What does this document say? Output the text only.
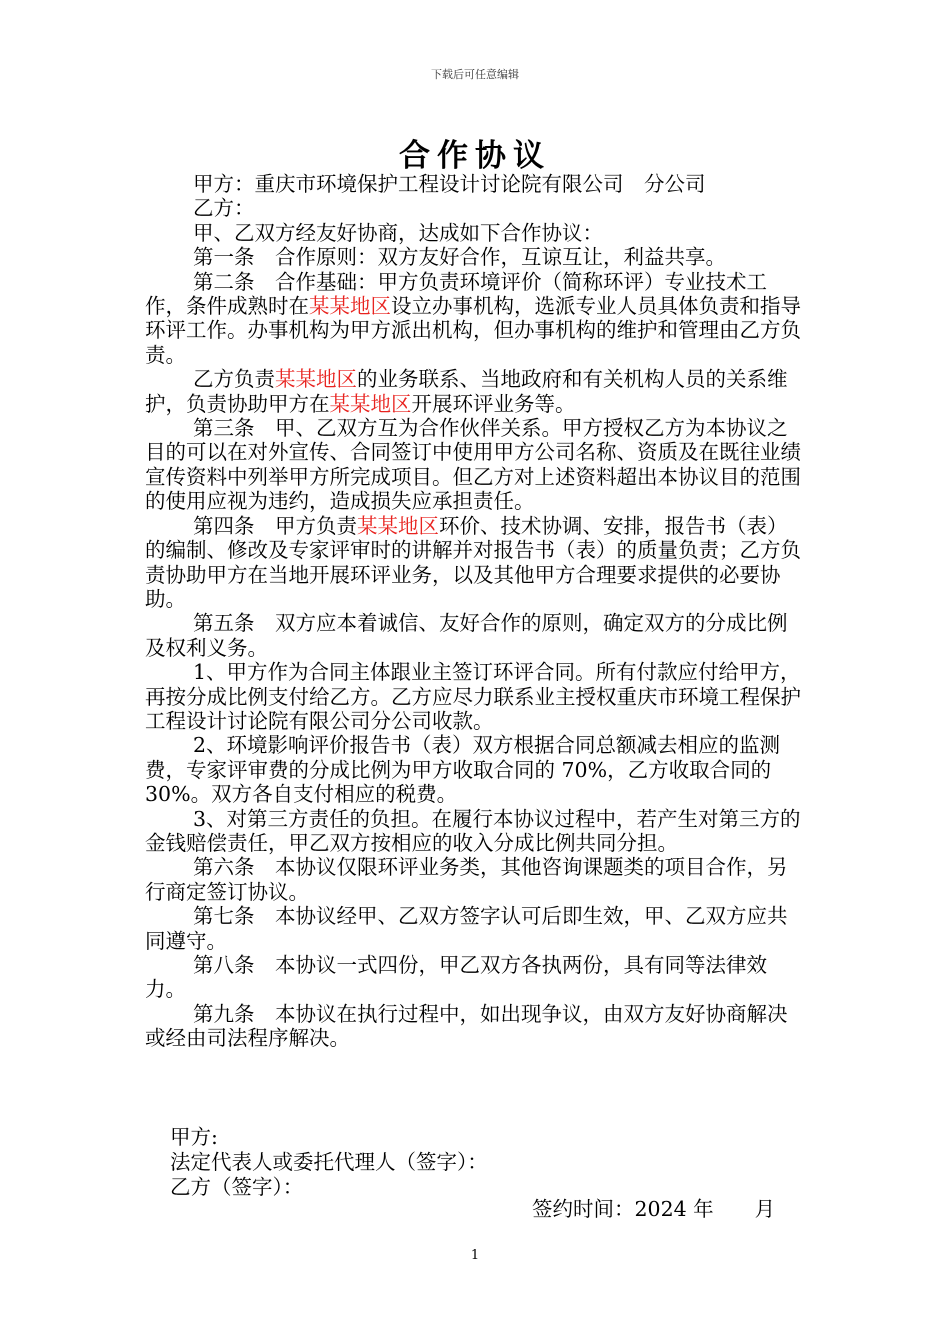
下载后可任意编辑
合作协议

甲方：重庆市环境保护工程设计讨论院有限公司　分公司

乙方：

甲、乙双方经友好协商，达成如下合作协议：

第一条　合作原则：双方友好合作，互谅互让，利益共享。

第二条　合作基础：甲方负责环境评价（简称环评）专业技术工作，条件成熟时在某某地区设立办事机构，选派专业人员具体负责和指导环评工作。办事机构为甲方派出机构，但办事机构的维护和管理由乙方负责。

乙方负责某某地区的业务联系、当地政府和有关机构人员的关系维护，负责协助甲方在某某地区开展环评业务等。

第三条　甲、乙双方互为合作伙伴关系。甲方授权乙方为本协议之目的可以在对外宣传、合同签订中使用甲方公司名称、资质及在既往业绩宣传资料中列举甲方所完成项目。但乙方对上述资料超出本协议目的范围的使用应视为违约，造成损失应承担责任。

第四条　甲方负责某某地区环价、技术协调、安排，报告书（表）的编制、修改及专家评审时的讲解并对报告书（表）的质量负责；乙方负责协助甲方在当地开展环评业务，以及其他甲方合理要求提供的必要协助。

第五条　双方应本着诚信、友好合作的原则，确定双方的分成比例及权利义务。

1、甲方作为合同主体跟业主签订环评合同。所有付款应付给甲方，再按分成比例支付给乙方。乙方应尽力联系业主授权重庆市环境工程保护工程设计讨论院有限公司分公司收款。

2、环境影响评价报告书（表）双方根据合同总额减去相应的监测费，专家评审费的分成比例为甲方收取合同的 70%，乙方收取合同的 30%。双方各自支付相应的税费。

3、对第三方责任的负担。在履行本协议过程中，若产生对第三方的金钱赔偿责任，甲乙双方按相应的收入分成比例共同分担。

第六条　本协议仅限环评业务类，其他咨询课题类的项目合作，另行商定签订协议。

第七条　本协议经甲、乙双方签字认可后即生效，甲、乙双方应共同遵守。

第八条　本协议一式四份，甲乙双方各执两份，具有同等法律效力。

第九条　本协议在执行过程中，如出现争议，由双方友好协商解决或经由司法程序解决。

甲方:
法定代表人或委托代理人（签字）：
乙方（签字）：
签约时间：2024 年　　月
1
